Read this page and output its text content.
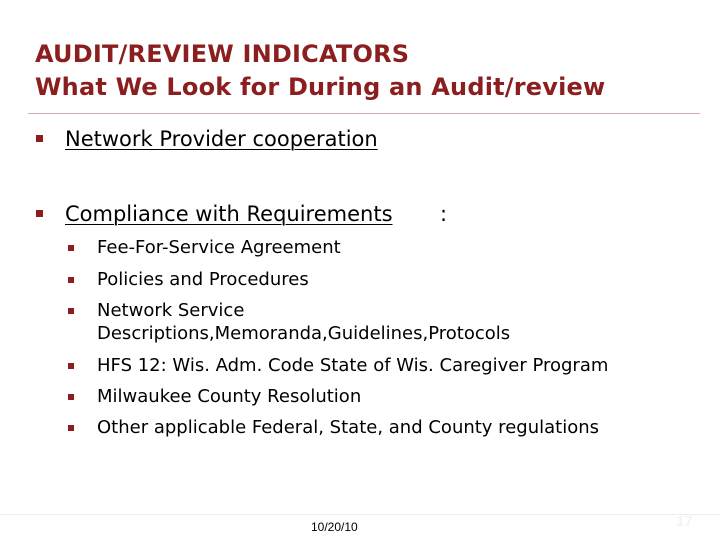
AUDIT/REVIEW INDICATORS
What We Look for During an Audit/review
Network Provider cooperation
Compliance with Requirements :
Fee-For-Service Agreement
Policies and Procedures
Network Service
Descriptions,Memoranda,Guidelines,Protocols
HFS 12: Wis. Adm. Code State of Wis. Caregiver Program
Milwaukee County Resolution
Other applicable Federal, State, and County regulations
10/20/10	17
